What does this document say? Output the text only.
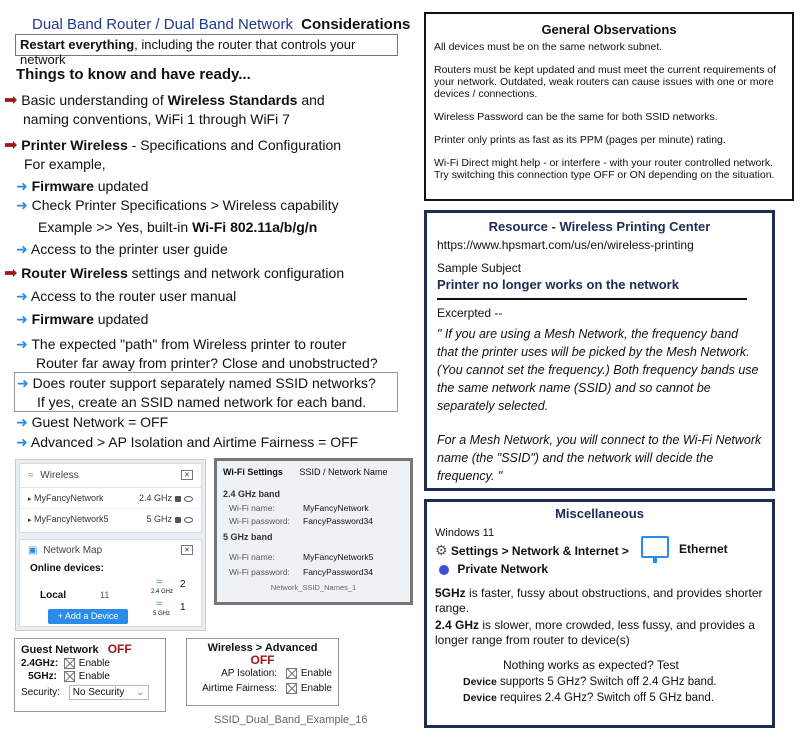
Dual Band Router / Dual Band Network Considerations
Restart everything, including the router that controls your network
Things to know and have ready...
➡ Basic understanding of Wireless Standards and
naming conventions, WiFi 1 through WiFi 7
➡ Printer Wireless - Specifications and Configuration
For example,
➜ Firmware updated
➜ Check Printer Specifications > Wireless capability
Example >> Yes, built-in Wi-Fi 802.11a/b/g/n
➜ Access to the printer user guide
➡ Router Wireless settings and network configuration
➜ Access to the router user manual
➜ Firmware updated
➜ The expected "path" from Wireless printer to router
Router far away from printer? Close and unobstructed?
➜ Does router support separately named SSID networks?
If yes, create an SSID named network for each band.
➜ Guest Network = OFF
➜ Advanced > AP Isolation and Airtime Fairness = OFF
≈ Wireless	✕
▸ MyFancyNetwork	2.4 GHz
▸ MyFancyNetwork5	5 GHz
▣ Network Map	✕
Online devices:
Local	11
≈
2.4 GHz
2
≈
5 GHz
1
+ Add a Device
Wi-Fi Settings SSID / Network Name
2.4 GHz band
Wi-Fi name:	MyFancyNetwork
Wi-Fi password: FancyPassword34
5 GHz band
Wi-Fi name:	MyFancyNetwork5
Wi-Fi password: FancyPassword34
Network_SSID_Names_1
Guest Network OFF
2.4GHz: Enable
5GHz: Enable
Security: No Security ⌄
Wireless > Advanced
OFF
AP Isolation: Enable
Airtime Fairness: Enable
SSID_Dual_Band_Example_16
General Observations
All devices must be on the same network subnet.
Routers must be kept updated and must meet the current requirements of your network. Outdated, weak routers can cause issues with one or more devices / connections.
Wireless Password can be the same for both SSID networks.
Printer only prints as fast as its PPM (pages per minute) rating.
Wi-Fi Direct might help - or interfere - with your router controlled network. Try switching this connection type OFF or ON depending on the situation.
Resource - Wireless Printing Center
https://www.hpsmart.com/us/en/wireless-printing
Sample Subject
Printer no longer works on the network
Excerpted --
" If you are using a Mesh Network, the frequency band that the printer uses will be picked by the Mesh Network. (You cannot set the frequency.) Both frequency bands use the same network name (SSID) and so cannot be separately selected.
For a Mesh Network, you will connect to the Wi-Fi Network name (the "SSID") and the network will decide the frequency. "
Miscellaneous
Windows 11
⚙ Settings > Network & Internet >	Ethernet
Private Network
5GHz is faster, fussy about obstructions, and provides shorter range.
2.4 GHz is slower, more crowded, less fussy, and provides a longer range from router to device(s)
Nothing works as expected? Test
Device supports 5 GHz? Switch off 2.4 GHz band.
Device requires 2.4 GHz? Switch off 5 GHz band.
